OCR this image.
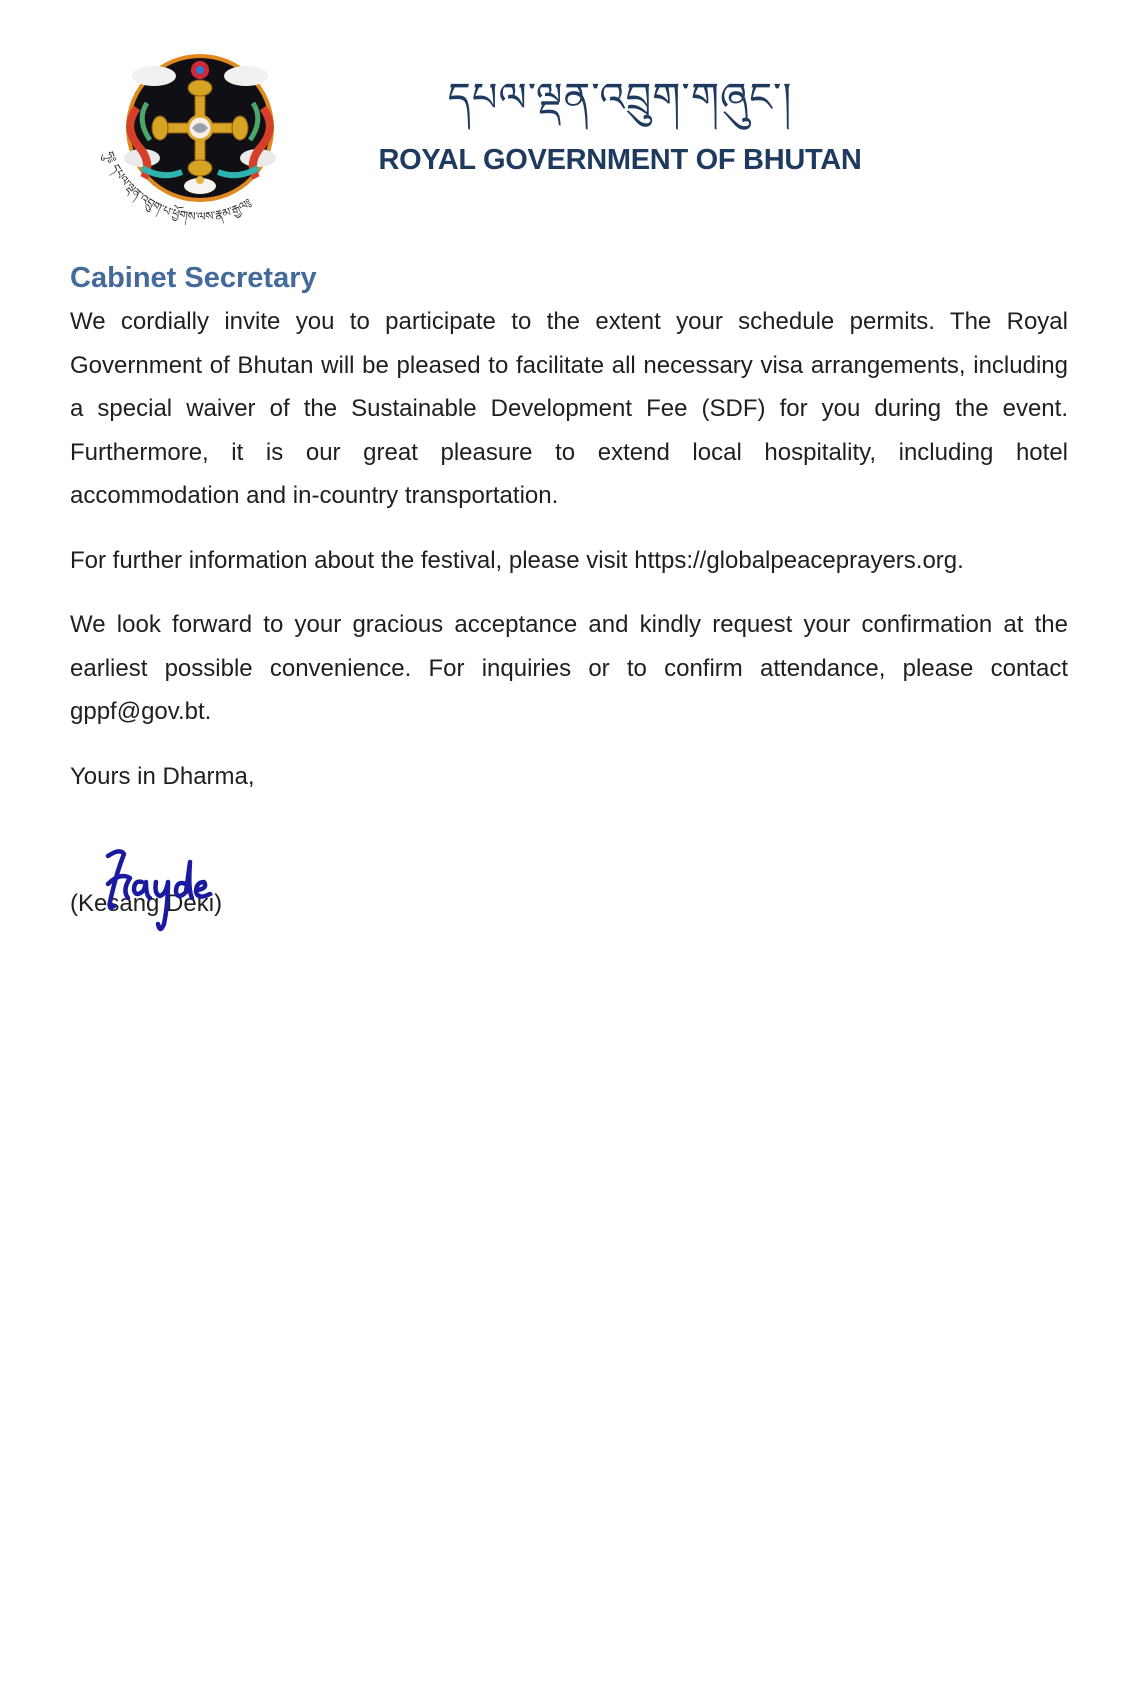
ཧུ༔ དཔལ་ལྡན་འབྲུག་པ་ཕྱོགས་ལས་རྣམ་རྒྱལ༔
དཔལ་ལྡན་འབྲུག་གཞུང་།
ROYAL GOVERNMENT OF BHUTAN
Cabinet Secretary

We cordially invite you to participate to the extent your schedule permits. The Royal Government of Bhutan will be pleased to facilitate all necessary visa arrangements, including a special waiver of the Sustainable Development Fee (SDF) for you during the event. Furthermore, it is our great pleasure to extend local hospitality, including hotel accommodation and in-country transportation.

For further information about the festival, please visit https://globalpeaceprayers.org.

We look forward to your gracious acceptance and kindly request your confirmation at the earliest possible convenience. For inquiries or to confirm attendance, please contact gppf@gov.bt.

Yours in Dharma,

(Kesang Deki)
Kayde
